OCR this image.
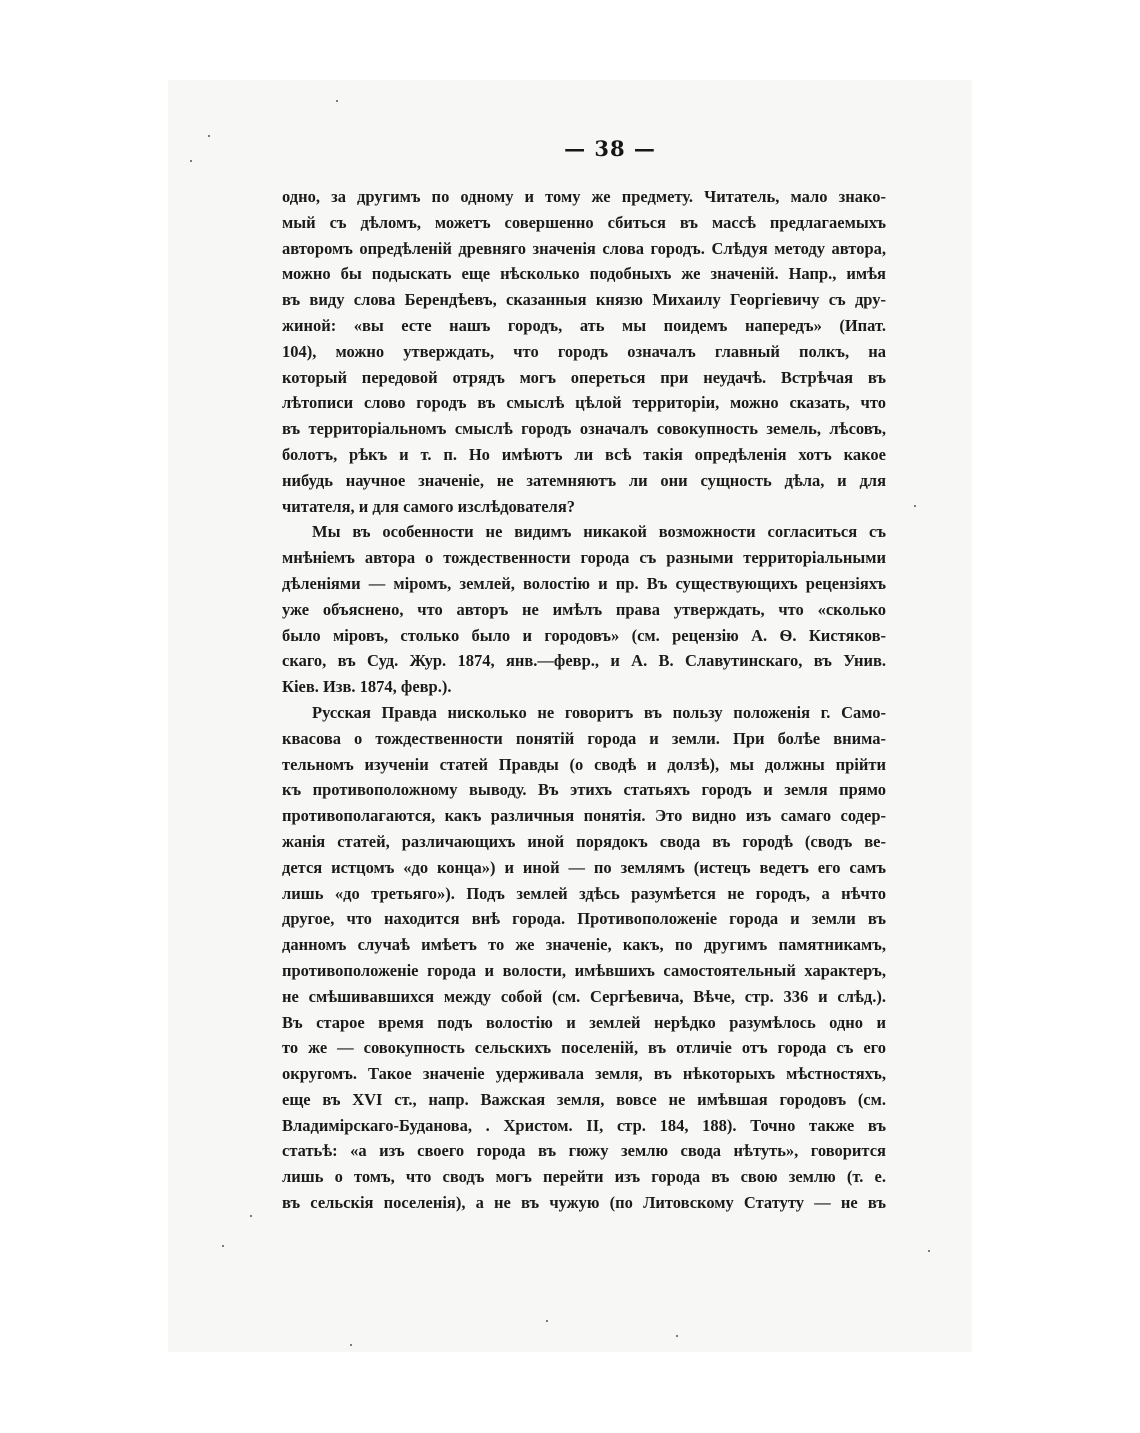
— 38 —
одно, за другимъ по одному и тому же предмету. Читатель, мало знако-
мый съ дѣломъ, можетъ совершенно сбиться въ массѣ предлагаемыхъ
авторомъ опредѣленій древняго значенія слова городъ. Слѣдуя методу автора,
можно бы подыскать еще нѣсколько подобныхъ же значеній. Напр., имѣя
въ виду слова Берендѣевъ, сказанныя князю Михаилу Георгіевичу съ дру-
жиной: «вы есте нашъ городъ, ать мы поидемъ напередъ» (Ипат.
104), можно утверждать, что городъ означалъ главный полкъ, на
который передовой отрядъ могъ опереться при неудачѣ. Встрѣчая въ
лѣтописи слово городъ въ смыслѣ цѣлой территоріи, можно сказать, что
въ территоріальномъ смыслѣ городъ означалъ совокупность земель, лѣсовъ,
болотъ, рѣкъ и т. п. Но имѣютъ ли всѣ такія опредѣленія хотъ какое
нибудь научное значеніе, не затемняютъ ли они сущность дѣла, и для
читателя, и для самого изслѣдователя?
Мы въ особенности не видимъ никакой возможности согласиться съ
мнѣніемъ автора о тождественности города съ разными территоріальными
дѣленіями — міромъ, землей, волостію и пр. Въ существующихъ рецензіяхъ
уже объяснено, что авторъ не имѣлъ права утверждать, что «сколько
было міровъ, столько было и городовъ» (см. рецензію А. Ѳ. Кистяков-
скаго, въ Суд. Жур. 1874, янв.—февр., и А. В. Славутинскаго, въ Унив.
Кіев. Изв. 1874, февр.).
Русская Правда нисколько не говоритъ въ пользу положенія г. Само-
квасова о тождественности понятій города и земли. При болѣе внима-
тельномъ изученіи статей Правды (о сводѣ и долзѣ), мы должны прійти
къ противоположному выводу. Въ этихъ статьяхъ городъ и земля прямо
противополагаются, какъ различныя понятія. Это видно изъ самаго содер-
жанія статей, различающихъ иной порядокъ свода въ городѣ (сводъ ве-
дется истцомъ «до конца») и иной — по землямъ (истецъ ведетъ его самъ
лишь «до третьяго»). Подъ землей здѣсь разумѣется не городъ, а нѣчто
другое, что находится внѣ города. Противоположеніе города и земли въ
данномъ случаѣ имѣетъ то же значеніе, какъ, по другимъ памятникамъ,
противоположеніе города и волости, имѣвшихъ самостоятельный характеръ,
не смѣшивавшихся между собой (см. Сергѣевича, Вѣче, стр. 336 и слѣд.).
Въ старое время подъ волостію и землей нерѣдко разумѣлось одно и
то же — совокупность сельскихъ поселеній, въ отличіе отъ города съ его
округомъ. Такое значеніе удерживала земля, въ нѣкоторыхъ мѣстностяхъ,
еще въ XVI ст., напр. Важская земля, вовсе не имѣвшая городовъ (см.
Владимірскаго-Буданова, . Христом. II, стр. 184, 188). Точно также въ
статьѣ: «а изъ своего города въ гюжу землю свода нѣтуть», говорится
лишь о томъ, что сводъ могъ перейти изъ города въ свою землю (т. е.
въ сельскія поселенія), а не въ чужую (по Литовскому Статуту — не въ
